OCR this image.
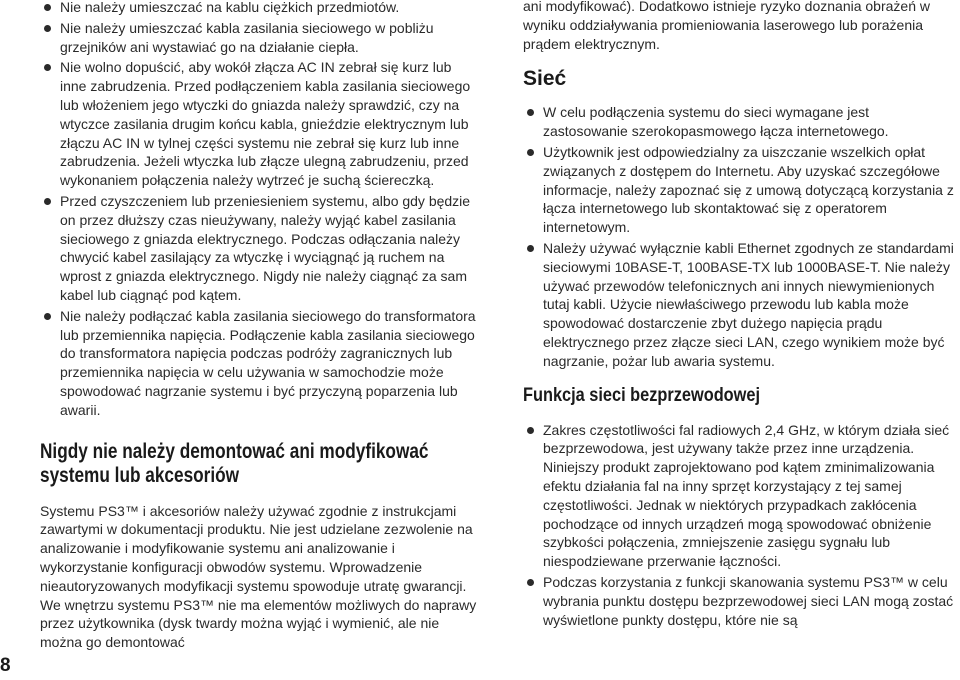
Nie należy umieszczać na kablu ciężkich przedmiotów.
Nie należy umieszczać kabla zasilania sieciowego w pobliżu grzejników ani wystawiać go na działanie ciepła.
Nie wolno dopuścić, aby wokół złącza AC IN zebrał się kurz lub inne zabrudzenia. Przed podłączeniem kabla zasilania sieciowego lub włożeniem jego wtyczki do gniazda należy sprawdzić, czy na wtyczce zasilania drugim końcu kabla, gnieździe elektrycznym lub złączu AC IN w tylnej części systemu nie zebrał się kurz lub inne zabrudzenia. Jeżeli wtyczka lub złącze ulegną zabrudzeniu, przed wykonaniem połączenia należy wytrzeć je suchą ściereczką.
Przed czyszczeniem lub przeniesieniem systemu, albo gdy będzie on przez dłuższy czas nieużywany, należy wyjąć kabel zasilania sieciowego z gniazda elektrycznego. Podczas odłączania należy chwycić kabel zasilający za wtyczkę i wyciągnąć ją ruchem na wprost z gniazda elektrycznego. Nigdy nie należy ciągnąć za sam kabel lub ciągnąć pod kątem.
Nie należy podłączać kabla zasilania sieciowego do transformatora lub przemiennika napięcia. Podłączenie kabla zasilania sieciowego do transformatora napięcia podczas podróży zagranicznych lub przemiennika napięcia w celu używania w samochodzie może spowodować nagrzanie systemu i być przyczyną poparzenia lub awarii.
Nigdy nie należy demontować ani modyfikować
systemu lub akcesoriów

Systemu PS3™ i akcesoriów należy używać zgodnie z instrukcjami zawartymi w dokumentacji produktu. Nie jest udzielane zezwolenie na analizowanie i modyfikowanie systemu ani analizowanie i wykorzystanie konfiguracji obwodów systemu. Wprowadzenie nieautoryzowanych modyfikacji systemu spowoduje utratę gwarancji. We wnętrzu systemu PS3™ nie ma elementów możliwych do naprawy przez użytkownika (dysk twardy można wyjąć i wymienić, ale nie można go demontować

ani modyfikować). Dodatkowo istnieje ryzyko doznania obrażeń w wyniku oddziaływania promieniowania laserowego lub porażenia prądem elektrycznym.

Sieć
W celu podłączenia systemu do sieci wymagane jest zastosowanie szerokopasmowego łącza internetowego.
Użytkownik jest odpowiedzialny za uiszczanie wszelkich opłat związanych z dostępem do Internetu. Aby uzyskać szczegółowe informacje, należy zapoznać się z umową dotyczącą korzystania z łącza internetowego lub skontaktować się z operatorem internetowym.
Należy używać wyłącznie kabli Ethernet zgodnych ze standardami sieciowymi 10BASE-T, 100BASE-TX lub 1000BASE-T. Nie należy używać przewodów telefonicznych ani innych niewymienionych tutaj kabli. Użycie niewłaściwego przewodu lub kabla może spowodować dostarczenie zbyt dużego napięcia prądu elektrycznego przez złącze sieci LAN, czego wynikiem może być nagrzanie, pożar lub awaria systemu.
Funkcja sieci bezprzewodowej
Zakres częstotliwości fal radiowych 2,4 GHz, w którym działa sieć bezprzewodowa, jest używany także przez inne urządzenia. Niniejszy produkt zaprojektowano pod kątem zminimalizowania efektu działania fal na inny sprzęt korzystający z tej samej częstotliwości. Jednak w niektórych przypadkach zakłócenia pochodzące od innych urządzeń mogą spowodować obniżenie szybkości połączenia, zmniejszenie zasięgu sygnału lub niespodziewane przerwanie łączności.
Podczas korzystania z funkcji skanowania systemu PS3™ w celu wybrania punktu dostępu bezprzewodowej sieci LAN mogą zostać wyświetlone punkty dostępu, które nie są
8
